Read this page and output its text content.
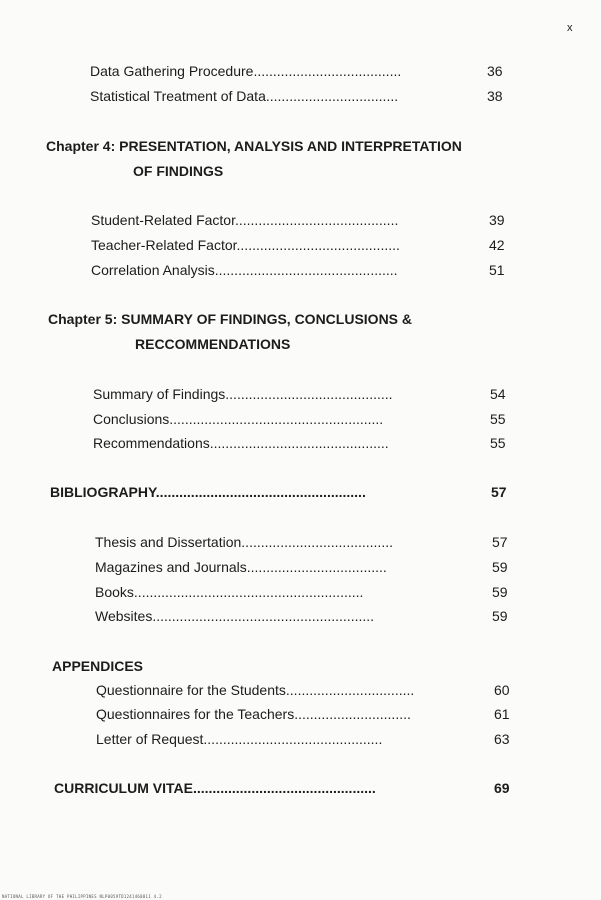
x
Data Gathering Procedure......................................	36
Statistical Treatment of Data..................................	38
Chapter 4: PRESENTATION, ANALYSIS AND INTERPRETATION
OF FINDINGS
Student-Related Factor..........................................	39
Teacher-Related Factor..........................................	42
Correlation Analysis...............................................	51
Chapter 5: SUMMARY OF FINDINGS, CONCLUSIONS &
RECCOMMENDATIONS
Summary of Findings...........................................	54
Conclusions.......................................................	55
Recommendations..............................................	55
BIBLIOGRAPHY......................................................	57
Thesis and Dissertation.......................................	57
Magazines and Journals....................................	59
Books...........................................................	59
Websites.........................................................	59
APPENDICES
Questionnaire for the Students.................................	60
Questionnaires for the Teachers..............................	61
Letter of Request..............................................	63
CURRICULUM VITAE...............................................	69
NATIONAL LIBRARY OF THE PHILIPPINES NLP0059TD1241468011 4.2
